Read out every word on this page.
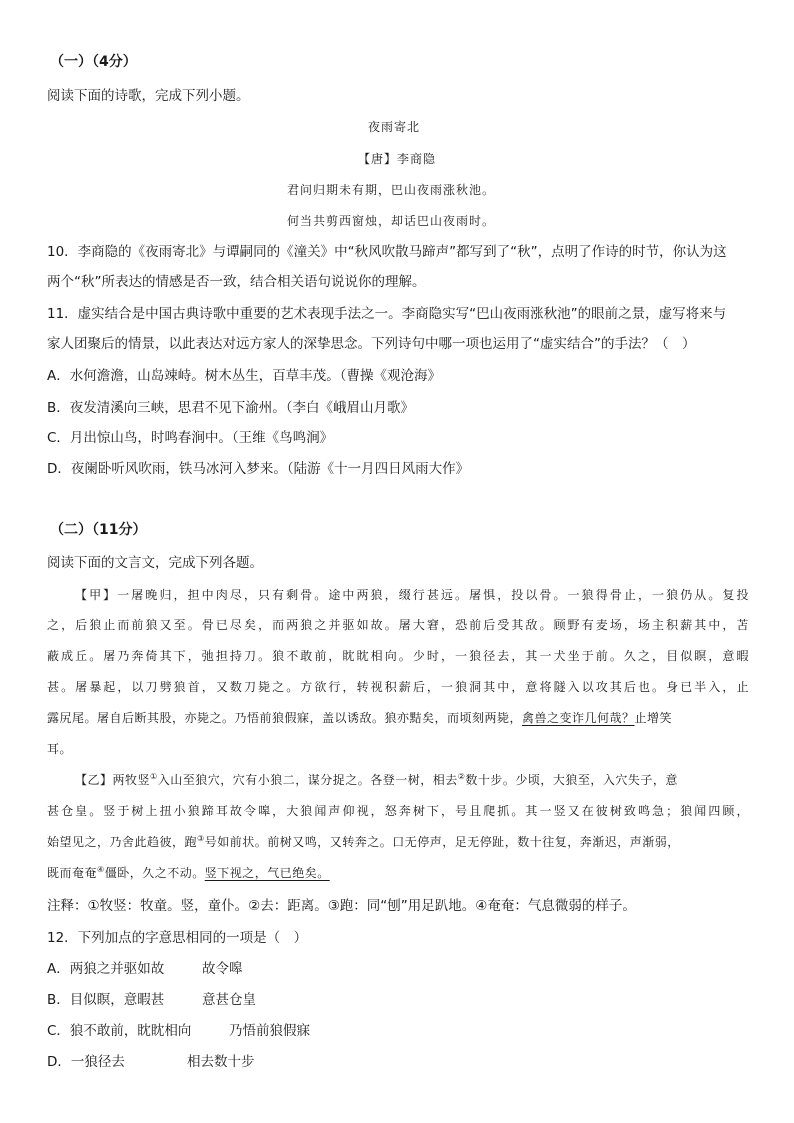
（一）（4分）
阅读下面的诗歌，完成下列小题。
夜雨寄北
【唐】李商隐
君问归期未有期，巴山夜雨涨秋池。
何当共剪西窗烛，却话巴山夜雨时。
10．李商隐的《夜雨寄北》与谭嗣同的《潼关》中“秋风吹散马蹄声”都写到了“秋”，点明了作诗的时节，你认为这
两个“秋”所表达的情感是否一致，结合相关语句说说你的理解。
11．虚实结合是中国古典诗歌中重要的艺术表现手法之一。李商隐实写“巴山夜雨涨秋池”的眼前之景，虚写将来与
家人团聚后的情景，以此表达对远方家人的深挚思念。下列诗句中哪一项也运用了“虚实结合”的手法？（　）
A．水何澹澹，山岛竦峙。树木丛生，百草丰茂。（曹操《观沧海》
B．夜发清溪向三峡，思君不见下渝州。（李白《峨眉山月歌》
C．月出惊山鸟，时鸣春涧中。（王维《鸟鸣涧》
D．夜阑卧听风吹雨，铁马冰河入梦来。（陆游《十一月四日风雨大作》
（二）（11分）
阅读下面的文言文，完成下列各题。
【甲】一屠晚归，担中肉尽，只有剩骨。途中两狼，缀行甚远。屠惧，投以骨。一狼得骨止，一狼仍从。复投
之，后狼止而前狼又至。骨已尽矣，而两狼之并驱如故。屠大窘，恐前后受其敌。顾野有麦场，场主积薪其中，苫
蔽成丘。屠乃奔倚其下，弛担持刀。狼不敢前，眈眈相向。少时，一狼径去，其一犬坐于前。久之，目似瞑，意暇
甚。屠暴起，以刀劈狼首，又数刀毙之。方欲行，转视积薪后，一狼洞其中，意将隧入以攻其后也。身已半入，止
露尻尾。屠自后断其股，亦毙之。乃悟前狼假寐，盖以诱敌。狼亦黠矣，而顷刻两毙，禽兽之变诈几何哉？止增笑
耳。
【乙】两牧竖①入山至狼穴，穴有小狼二，谋分捉之。各登一树，相去②数十步。少顷，大狼至，入穴失子，意
甚仓皇。竖于树上扭小狼蹄耳故令嗥，大狼闻声仰视，怒奔树下，号且爬抓。其一竖又在彼树致鸣急；狼闻四顾，
始望见之，乃舍此趋彼，跑③号如前状。前树又鸣，又转奔之。口无停声，足无停趾，数十往复，奔渐迟，声渐弱，
既而奄奄④僵卧，久之不动。竖下视之，气已绝矣。
注释：①牧竖：牧童。竖，童仆。②去：距离。③跑：同“刨”用足趴地。④奄奄：气息微弱的样子。
12．下列加点的字意思相同的一项是（　）
A．两狼之并驱如故	故令嗥
B．目似瞑，意暇甚	意甚仓皇
C．狼不敢前，眈眈相向	乃悟前狼假寐
D．一狼径去	相去数十步
